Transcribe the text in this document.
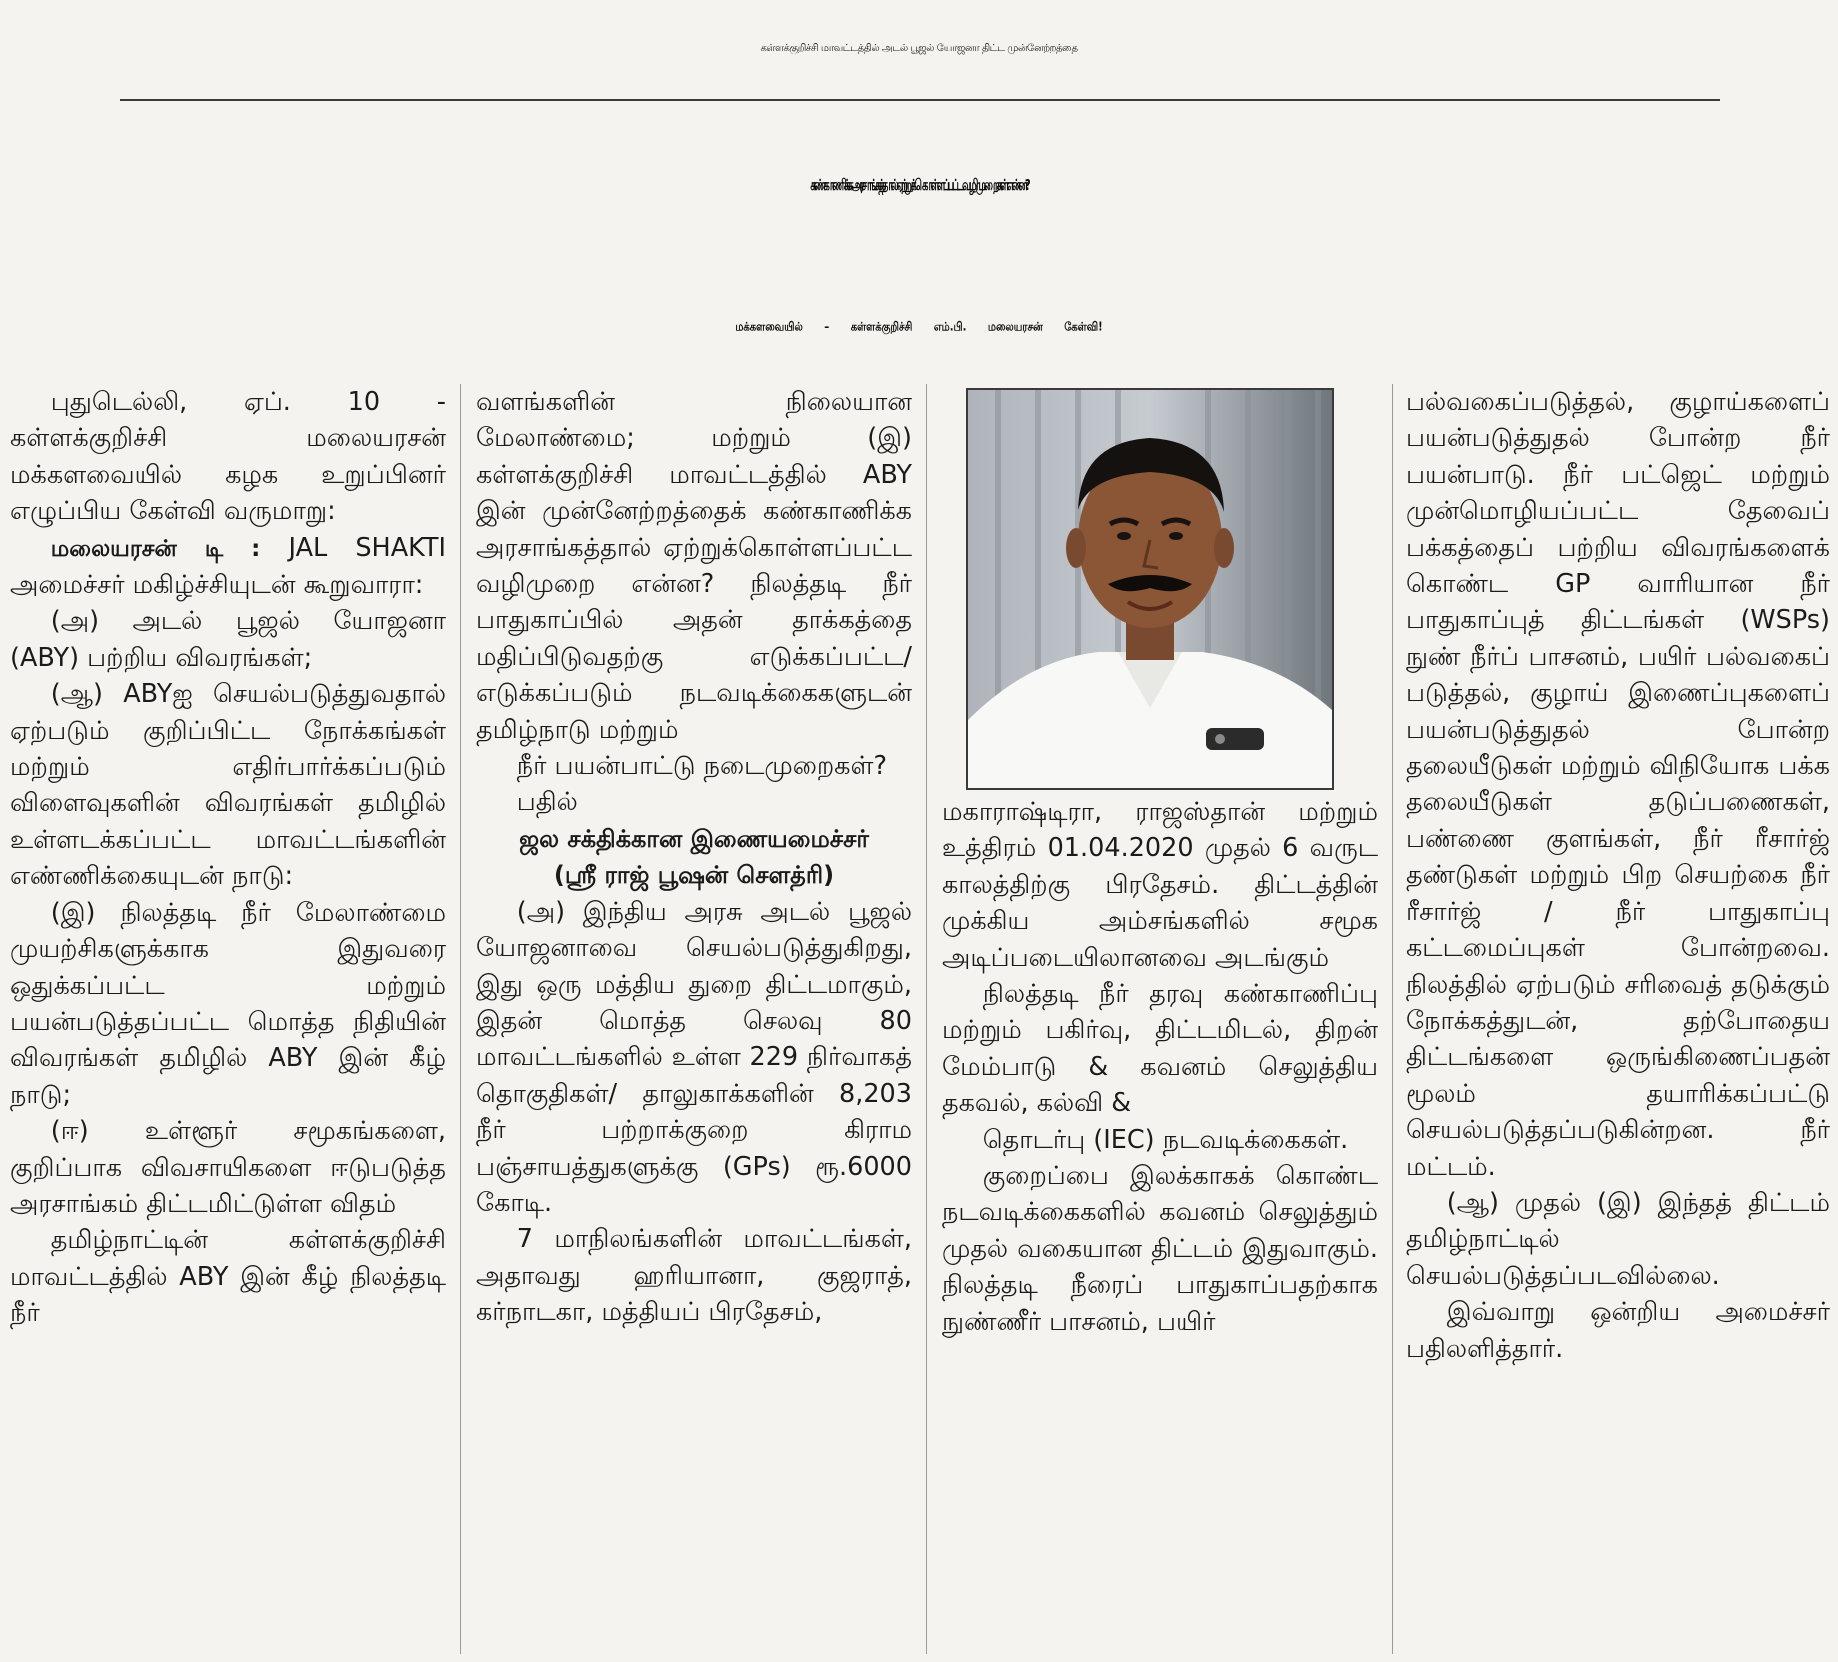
கள்ளக்குறிச்சி மாவட்டத்தில் அடல் பூஜல் யோஜனா திட்ட முன்னேற்றத்தை
கண்காணிக்க அரசாங்கத்தால் ஏற்றுக் கொள்ளப்பட்ட வழிமுறைகள் என்ன?
மக்களவையில் – கள்ளக்குறிச்சி எம்.பி. மலையரசன் கேள்வி!

புதுடெல்லி, ஏப். 10 - கள்ளக்குறிச்சி மலையரசன் மக்களவையில் கழக உறுப்பினர் எழுப்பிய கேள்வி வருமாறு:

மலையரசன் டி : JAL SHAKTI அமைச்சர் மகிழ்ச்சியுடன் கூறுவாரா:

(அ) அடல் பூஜல் யோஜனா (ABY) பற்றிய விவரங்கள்;

(ஆ) ABYஐ செயல்படுத்துவதால் ஏற்படும் குறிப்பிட்ட நோக்கங்கள் மற்றும் எதிர்பார்க்கப்படும் விளைவுகளின் விவரங்கள் தமிழில் உள்ளடக்கப்பட்ட மாவட்டங்களின் எண்ணிக்கையுடன் நாடு:

(இ) நிலத்தடி நீர் மேலாண்மை முயற்சிகளுக்காக இதுவரை ஒதுக்கப்பட்ட மற்றும் பயன்படுத்தப்பட்ட மொத்த நிதியின் விவரங்கள் தமிழில் ABY இன் கீழ் நாடு;

(ஈ) உள்ளூர் சமூகங்களை, குறிப்பாக விவசாயிகளை ஈடுபடுத்த அரசாங்கம் திட்டமிட்டுள்ள விதம்

தமிழ்நாட்டின் கள்ளக்குறிச்சி மாவட்டத்தில் ABY இன் கீழ் நிலத்தடி நீர்

வளங்களின் நிலையான மேலாண்மை; மற்றும் (இ) கள்ளக்குறிச்சி மாவட்டத்தில் ABY இன் முன்னேற்றத்தைக் கண்காணிக்க அரசாங்கத்தால் ஏற்றுக்கொள்ளப்பட்ட வழிமுறை என்ன? நிலத்தடி நீர் பாதுகாப்பில் அதன் தாக்கத்தை மதிப்பிடுவதற்கு எடுக்கப்பட்ட/எடுக்கப்படும் நடவடிக்கைகளுடன் தமிழ்நாடு மற்றும்

நீர் பயன்பாட்டு நடைமுறைகள்?

பதில்

ஜல சக்திக்கான இணையமைச்சர்

(ஸ்ரீ ராஜ் பூஷன் சௌத்ரி)

(அ) இந்திய அரசு அடல் பூஜல் யோஜனாவை செயல்படுத்துகிறது, இது ஒரு மத்திய துறை திட்டமாகும், இதன் மொத்த செலவு 80 மாவட்டங்களில் உள்ள 229 நிர்வாகத் தொகுதிகள்/ தாலுகாக்களின் 8,203 நீர் பற்றாக்குறை கிராம பஞ்சாயத்துகளுக்கு (GPs) ரூ.6000 கோடி.

7 மாநிலங்களின் மாவட்டங்கள், அதாவது ஹரியானா, குஜராத், கர்நாடகா, மத்தியப் பிரதேசம்,

மகாராஷ்டிரா, ராஜஸ்தான் மற்றும் உத்திரம் 01.04.2020 முதல் 6 வருட காலத்திற்கு பிரதேசம். திட்டத்தின் முக்கிய அம்சங்களில் சமூக அடிப்படையிலானவை அடங்கும்

நிலத்தடி நீர் தரவு கண்காணிப்பு மற்றும் பகிர்வு, திட்டமிடல், திறன் மேம்பாடு & கவனம் செலுத்திய தகவல், கல்வி &

தொடர்பு (IEC) நடவடிக்கைகள்.

குறைப்பை இலக்காகக் கொண்ட நடவடிக்கைகளில் கவனம் செலுத்தும் முதல் வகையான திட்டம் இதுவாகும். நிலத்தடி நீரைப் பாதுகாப்பதற்காக நுண்ணீர் பாசனம், பயிர்

பல்வகைப்படுத்தல், குழாய்களைப் பயன்படுத்துதல் போன்ற நீர் பயன்பாடு. நீர் பட்ஜெட் மற்றும் முன்மொழியப்பட்ட தேவைப் பக்கத்தைப் பற்றிய விவரங்களைக் கொண்ட GP வாரியான நீர் பாதுகாப்புத் திட்டங்கள் (WSPs) நுண் நீர்ப் பாசனம், பயிர் பல்வகைப் படுத்தல், குழாய் இணைப்புகளைப் பயன்படுத்துதல் போன்ற தலையீடுகள் மற்றும் விநியோக பக்க தலையீடுகள் தடுப்பணைகள், பண்ணை குளங்கள், நீர் ரீசார்ஜ் தண்டுகள் மற்றும் பிற செயற்கை நீர் ரீசார்ஜ் / நீர் பாதுகாப்பு கட்டமைப்புகள் போன்றவை. நிலத்தில் ஏற்படும் சரிவைத் தடுக்கும் நோக்கத்துடன், தற்போதைய திட்டங்களை ஒருங்கிணைப்பதன் மூலம் தயாரிக்கப்பட்டு செயல்படுத்தப்படுகின்றன. நீர் மட்டம்.

(ஆ) முதல் (இ) இந்தத் திட்டம் தமிழ்நாட்டில் செயல்படுத்தப்படவில்லை.

இவ்வாறு ஒன்றிய அமைச்சர் பதிலளித்தார்.
